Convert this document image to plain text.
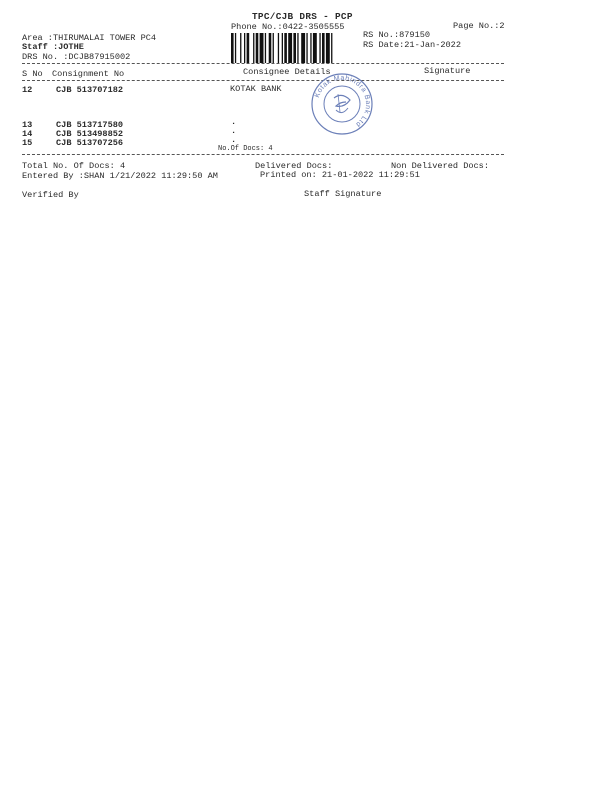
TPC/CJB DRS - PCP
Phone No.:0422-3505555	Page No.:2
Area :THIRUMALAI TOWER PC4
Staff :JOTHE
DRS No. :DCJB87915002
RS No.:879150
RS Date:21-Jan-2022
S No Consignment No	Consignee Details	Signature
12	CJB 513707182	KOTAK BANK
13	CJB 513717580	.
14	CJB 513498852	.
15	CJB 513707256	.
No.Of Docs: 4
Kotak Mahindra Bank Ltd
Total No. Of Docs: 4	Delivered Docs:	Non Delivered Docs:
Entered By :SHAN 1/21/2022 11:29:50 AM	Printed on: 21-01-2022 11:29:51
Verified By	Staff Signature
